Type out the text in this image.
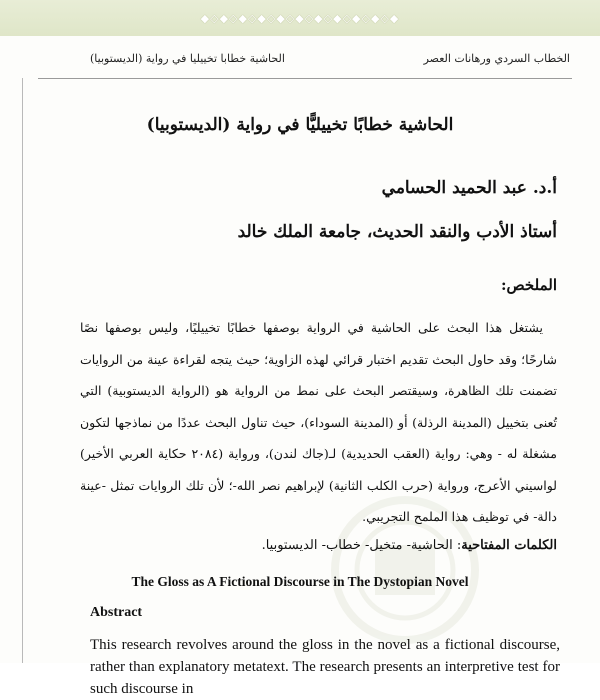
◆◇◆◇◆◇◆◇◆◇◆◇◆◇◆◇◆◇◆◇◆
الخطاب السردي ورهانات العصر
الحاشية خطابا تخييليا في رواية (الديستوبيا)
الحاشية خطابًا تخييليًّا في رواية (الديستوبيا)
أ.د. عبد الحميد الحسامي
أستاذ الأدب والنقد الحديث، جامعة الملك خالد
الملخص:
يشتغل هذا البحث على الحاشية في الرواية بوصفها خطابًا تخييليًا، وليس بوصفها نصًا شارحًا؛ وقد حاول البحث تقديم اختبار قرائي لهذه الزاوية؛ حيث يتجه لقراءة عينة من الروايات تضمنت تلك الظاهرة، وسيقتصر البحث على نمط من الرواية هو (الرواية الديستوبية) التي تُعنى بتخييل (المدينة الرذلة) أو (المدينة السوداء)، حيث تناول البحث عددًا من نماذجها لتكون مشغلة له - وهي: رواية (العقب الحديدية) لـ(جاك لندن)، ورواية (٢٠٨٤ حكاية العربي الأخير) لواسيني الأعرج، ورواية (حرب الكلب الثانية) لإبراهيم نصر الله-؛ لأن تلك الروايات تمثل -عينة دالة- في توظيف هذا الملمح التجريبي.
الكلمات المفتاحية: الحاشية- متخيل- خطاب- الديستوبيا.
The Gloss as A Fictional Discourse in The Dystopian Novel
Abstract
This research revolves around the gloss in the novel as a fictional discourse, rather than explanatory metatext. The research presents an interpretive test for such discourse in
